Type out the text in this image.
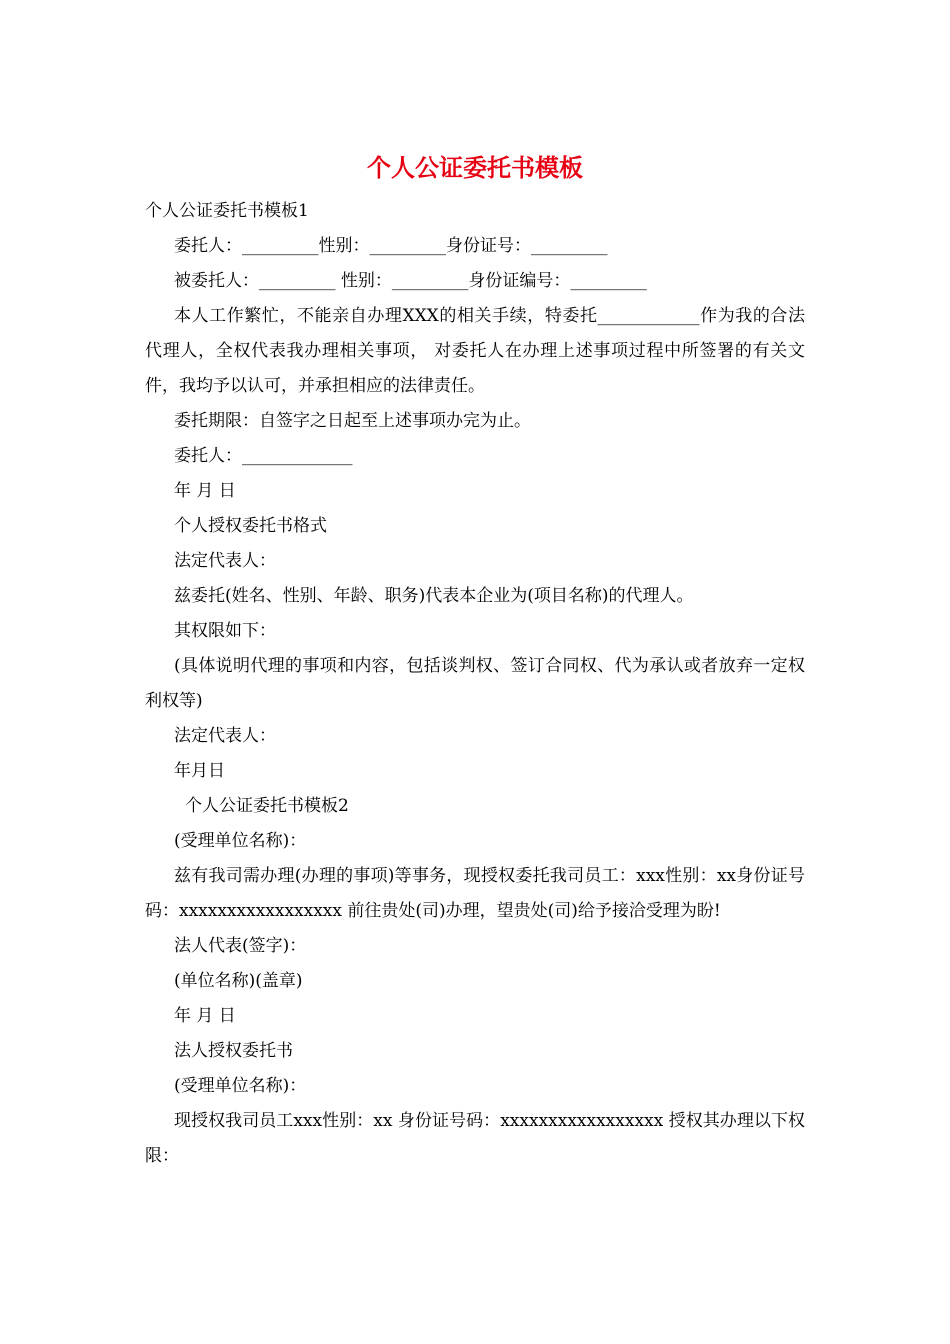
个人公证委托书模板

个人公证委托书模板1

委托人：_________性别：_________身份证号：_________

被委托人：_________ 性别：_________身份证编号：_________

本人工作繁忙，不能亲自办理XXX的相关手续，特委托____________作为我的合法代理人，全权代表我办理相关事项， 对委托人在办理上述事项过程中所签署的有关文件，我均予以认可，并承担相应的法律责任。

委托期限：自签字之日起至上述事项办完为止。

委托人：_____________

年 月 日

个人授权委托书格式

法定代表人：

兹委托(姓名、性别、年龄、职务)代表本企业为(项目名称)的代理人。

其权限如下：

(具体说明代理的事项和内容，包括谈判权、签订合同权、代为承认或者放弃一定权利权等)

法定代表人：

年月日

个人公证委托书模板2

(受理单位名称)：

兹有我司需办理(办理的事项)等事务，现授权委托我司员工：xxx性别：xx身份证号码：xxxxxxxxxxxxxxxxx 前往贵处(司)办理，望贵处(司)给予接洽受理为盼!

法人代表(签字)：

(单位名称)(盖章)

年 月 日

法人授权委托书

(受理单位名称)：

现授权我司员工xxx性别：xx 身份证号码：xxxxxxxxxxxxxxxxx 授权其办理以下权限：
